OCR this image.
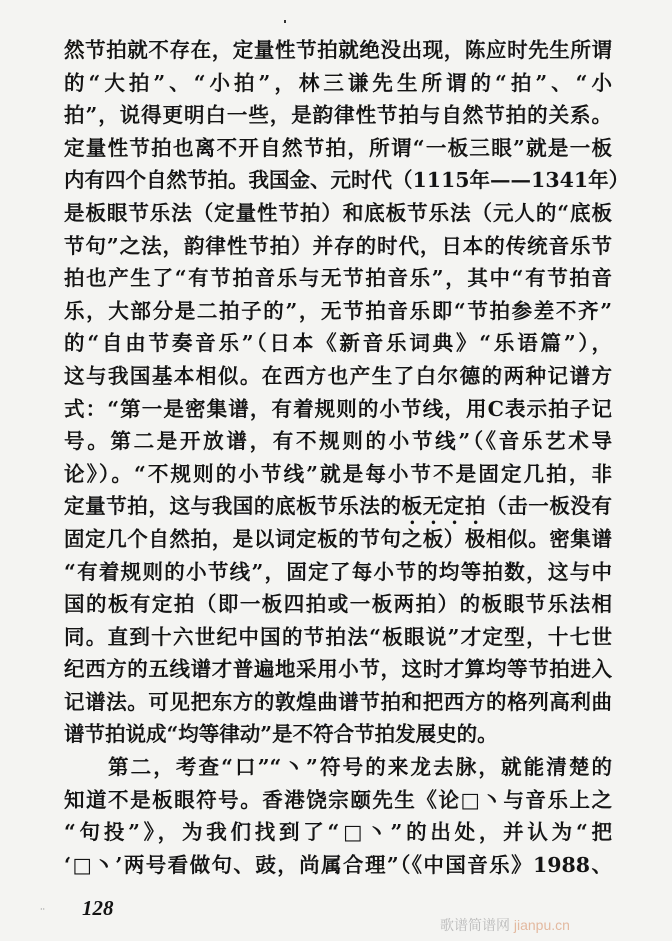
然节拍就不存在，定量性节拍就绝没出现，陈应时先生所谓
的“大拍”、“小拍”，林三谦先生所谓的“拍”、“小
拍”，说得更明白一些，是韵律性节拍与自然节拍的关系。
定量性节拍也离不开自然节拍，所谓“一板三眼”就是一板
内有四个自然节拍。我国金、元时代（1115年——1341年）
是板眼节乐法（定量性节拍）和底板节乐法（元人的“底板
节句”之法，韵律性节拍）并存的时代，日本的传统音乐节
拍也产生了“有节拍音乐与无节拍音乐”，其中“有节拍音
乐，大部分是二拍子的”，无节拍音乐即“节拍参差不齐”
的“自由节奏音乐”（日本《新音乐词典》“乐语篇”），
这与我国基本相似。在西方也产生了白尔德的两种记谱方
式：“第一是密集谱，有着规则的小节线，用C表示拍子记
号。第二是开放谱，有不规则的小节线”（《音乐艺术导
论》）。“不规则的小节线”就是每小节不是固定几拍，非
定量节拍，这与我国的底板节乐法的板无定拍（击一板没有
固定几个自然拍，是以词定板的节句之板）极相似。密集谱
“有着规则的小节线”，固定了每小节的均等拍数，这与中
国的板有定拍（即一板四拍或一板两拍）的板眼节乐法相
同。直到十六世纪中国的节拍法“板眼说”才定型，十七世
纪西方的五线谱才普遍地采用小节，这时才算均等节拍进入
记谱法。可见把东方的敦煌曲谱节拍和把西方的格列高利曲
谱节拍说成“均等律动”是不符合节拍发展史的。
第二，考查“口”“丶”符号的来龙去脉，就能清楚的
知道不是板眼符号。香港饶宗颐先生《论□丶与音乐上之
“句投”》，为我们找到了“□丶”的出处，并认为“把
‘□丶’两号看做句、豉，尚属合理”（《中国音乐》1988、
·· 128
歌谱简谱网 jianpu.cn
